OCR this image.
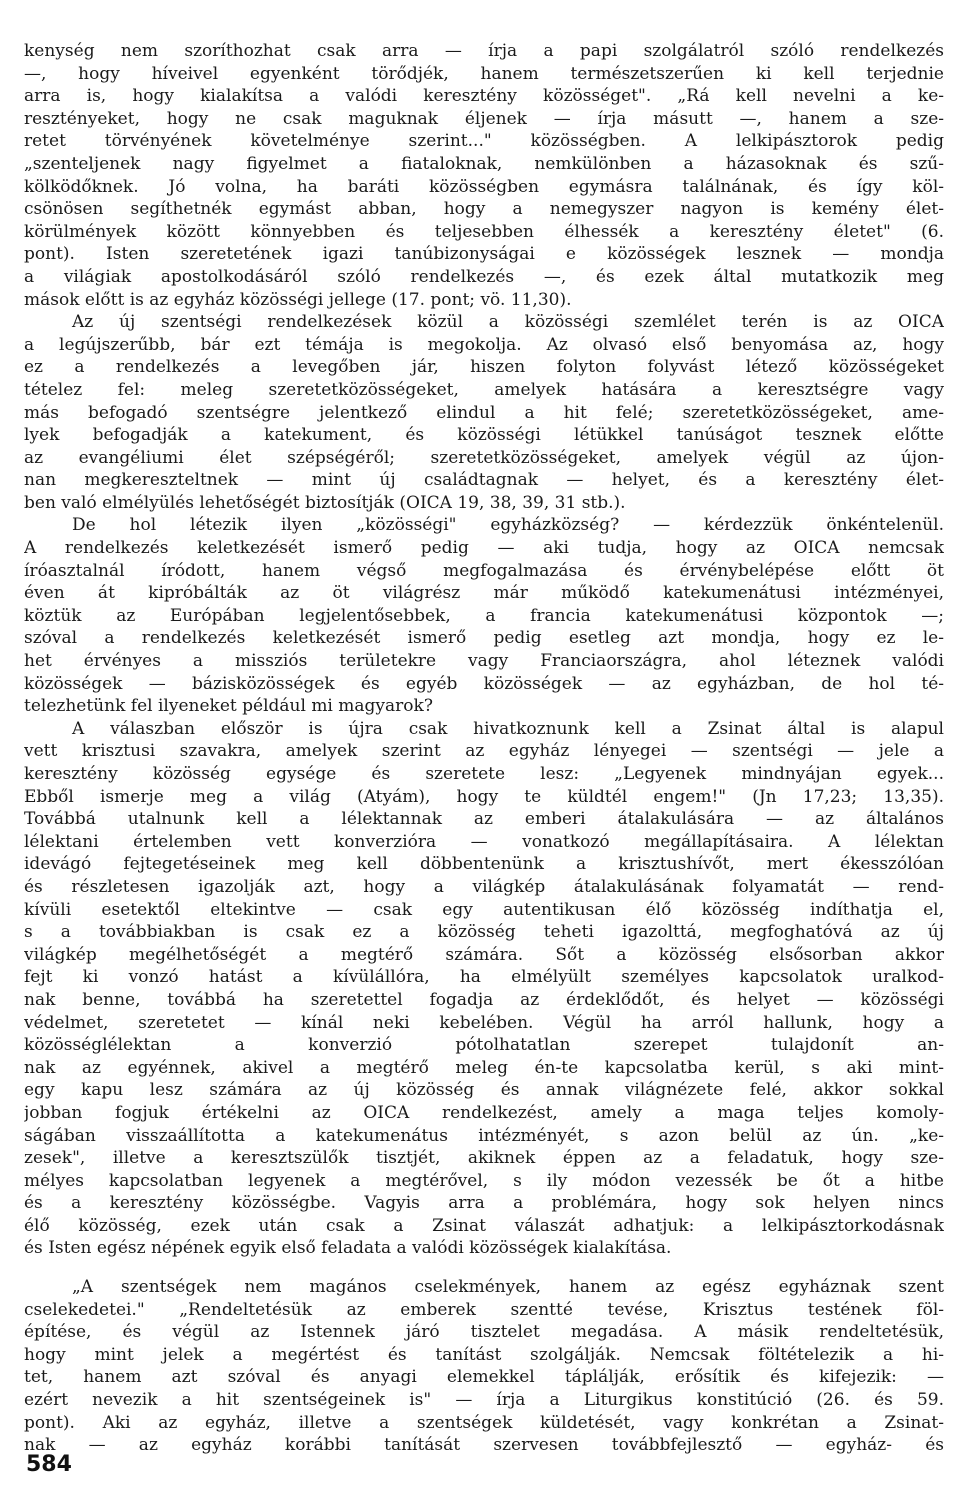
kenység nem szoríthozhat csak arra — írja a papi szolgálatról szóló rendelkezés
—, hogy híveivel egyenként törődjék, hanem természetszerűen ki kell terjednie
arra is, hogy kialakítsa a valódi keresztény közösséget". „Rá kell nevelni a ke-
resztényeket, hogy ne csak maguknak éljenek — írja másutt —, hanem a sze-
retet törvényének követelménye szerint..." közösségben. A lelkipásztorok pedig
„szenteljenek nagy figyelmet a fiataloknak, nemkülönben a házasoknak és szű-
kölködőknek. Jó volna, ha baráti közösségben egymásra találnának, és így köl-
csönösen segíthetnék egymást abban, hogy a nemegyszer nagyon is kemény élet-
körülmények között könnyebben és teljesebben élhessék a keresztény életet" (6.
pont). Isten szeretetének igazi tanúbizonyságai e közösségek lesznek — mondja
a világiak apostolkodásáról szóló rendelkezés —, és ezek által mutatkozik meg
mások előtt is az egyház közösségi jellege (17. pont; vö. 11,30).
Az új szentségi rendelkezések közül a közösségi szemlélet terén is az OICA
a legújszerűbb, bár ezt témája is megokolja. Az olvasó első benyomása az, hogy
ez a rendelkezés a levegőben jár, hiszen folyton folyvást létező közösségeket
tételez fel: meleg szeretetközösségeket, amelyek hatására a keresztségre vagy
más befogadó szentségre jelentkező elindul a hit felé; szeretetközösségeket, ame-
lyek befogadják a katekument, és közösségi létükkel tanúságot tesznek előtte
az evangéliumi élet szépségéről; szeretetközösségeket, amelyek végül az újon-
nan megkereszteltnek — mint új családtagnak — helyet, és a keresztény élet-
ben való elmélyülés lehetőségét biztosítják (OICA 19, 38, 39, 31 stb.).
De hol létezik ilyen „közösségi" egyházközség? — kérdezzük önkéntelenül.
A rendelkezés keletkezését ismerő pedig — aki tudja, hogy az OICA nemcsak
íróasztalnál íródott, hanem végső megfogalmazása és érvénybelépése előtt öt
éven át kipróbálták az öt világrész már működő katekumenátusi intézményei,
köztük az Európában legjelentősebbek, a francia katekumenátusi központok —;
szóval a rendelkezés keletkezését ismerő pedig esetleg azt mondja, hogy ez le-
het érvényes a missziós területekre vagy Franciaországra, ahol léteznek valódi
közösségek — bázisközösségek és egyéb közösségek — az egyházban, de hol té-
telezhetünk fel ilyeneket például mi magyarok?
A válaszban először is újra csak hivatkoznunk kell a Zsinat által is alapul
vett krisztusi szavakra, amelyek szerint az egyház lényegei — szentségi — jele a
keresztény közösség egysége és szeretete lesz: „Legyenek mindnyájan egyek...
Ebből ismerje meg a világ (Atyám), hogy te küldtél engem!" (Jn 17,23; 13,35).
Továbbá utalnunk kell a lélektannak az emberi átalakulására — az általános
lélektani értelemben vett konverzióra — vonatkozó megállapításaira. A lélektan
idevágó fejtegetéseinek meg kell döbbentenünk a krisztushívőt, mert ékesszólóan
és részletesen igazolják azt, hogy a világkép átalakulásának folyamatát — rend-
kívüli esetektől eltekintve — csak egy autentikusan élő közösség indíthatja el,
s a továbbiakban is csak ez a közösség teheti igazolttá, megfoghatóvá az új
világkép megélhetőségét a megtérő számára. Sőt a közösség elsősorban akkor
fejt ki vonzó hatást a kívülállóra, ha elmélyült személyes kapcsolatok uralkod-
nak benne, továbbá ha szeretettel fogadja az érdeklődőt, és helyet — közösségi
védelmet, szeretetet — kínál neki kebelében. Végül ha arról hallunk, hogy a
közösséglélektan a konverzió pótolhatatlan szerepet tulajdonít an-
nak az egyénnek, akivel a megtérő meleg én-te kapcsolatba kerül, s aki mint-
egy kapu lesz számára az új közösség és annak világnézete felé, akkor sokkal
jobban fogjuk értékelni az OICA rendelkezést, amely a maga teljes komoly-
ságában visszaállította a katekumenátus intézményét, s azon belül az ún. „ke-
zesek", illetve a keresztszülők tisztjét, akiknek éppen az a feladatuk, hogy sze-
mélyes kapcsolatban legyenek a megtérővel, s ily módon vezessék be őt a hitbe
és a keresztény közösségbe. Vagyis arra a problémára, hogy sok helyen nincs
élő közösség, ezek után csak a Zsinat válaszát adhatjuk: a lelkipásztorkodásnak
és Isten egész népének egyik első feladata a valódi közösségek kialakítása.
„A szentségek nem magános cselekmények, hanem az egész egyháznak szent
cselekedetei." „Rendeltetésük az emberek szentté tevése, Krisztus testének föl-
építése, és végül az Istennek járó tisztelet megadása. A másik rendeltetésük,
hogy mint jelek a megértést és tanítást szolgálják. Nemcsak föltételezik a hi-
tet, hanem azt szóval és anyagi elemekkel táplálják, erősítik és kifejezik: —
ezért nevezik a hit szentségeinek is" — írja a Liturgikus konstitúció (26. és 59.
pont). Aki az egyház, illetve a szentségek küldetését, vagy konkrétan a Zsinat-
nak — az egyház korábbi tanítását szervesen továbbfejlesztő — egyház- és
584
